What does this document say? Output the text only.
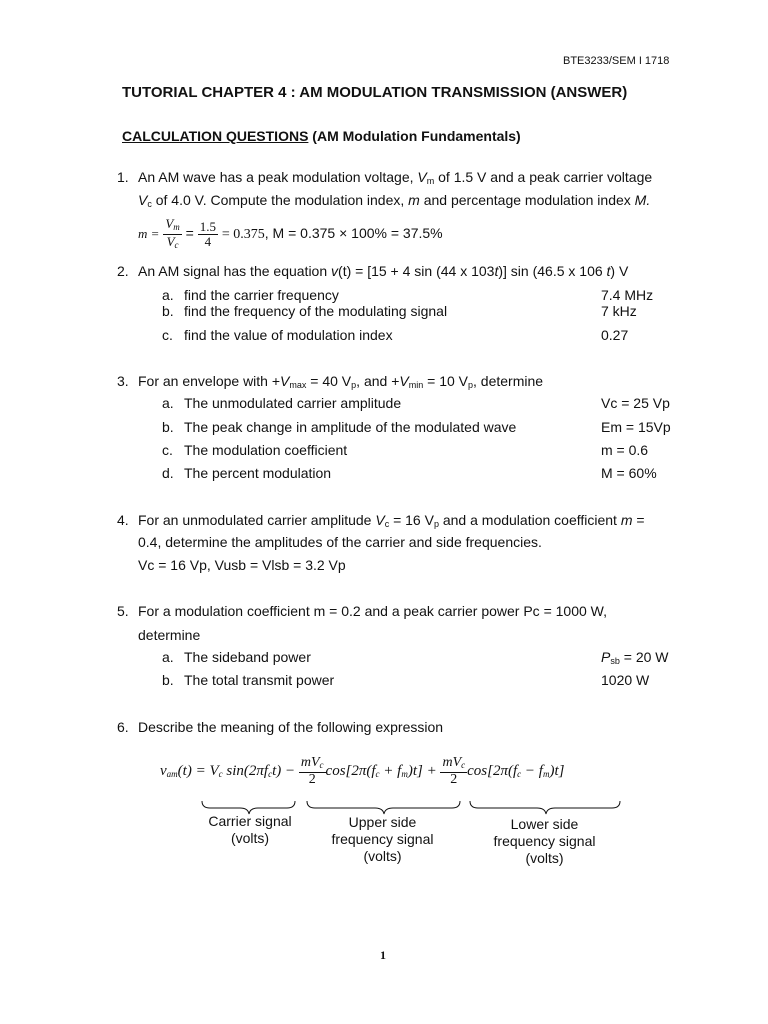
BTE3233/SEM I 1718
TUTORIAL CHAPTER 4 : AM MODULATION TRANSMISSION (ANSWER)
CALCULATION QUESTIONS (AM Modulation Fundamentals)
1. An AM wave has a peak modulation voltage, $V_m$ of 1.5 V and a peak carrier voltage
$V_c$ of 4.0 V. Compute the modulation index, m and percentage modulation index M.
$m = \frac{V_m}{V_c} = \frac{1.5}{4} = 0.375$, M = 0.375 × 100% = 37.5%
2. An AM signal has the equation v(t) = [15 + 4 sin (44 x 103t)] sin (46.5 x 106 t) V
a. find the carrier frequency	7.4 MHz
b. find the frequency of the modulating signal	7 kHz
c. find the value of modulation index	0.27
3. For an envelope with $+V_{max} = 40$ $V_p$, and $+V_{min} = 10$ $V_p$, determine
a. The unmodulated carrier amplitude	Vc = 25 Vp
b. The peak change in amplitude of the modulated wave	Em = 15Vp
c. The modulation coefficient	m = 0.6
d. The percent modulation	M = 60%
4. For an unmodulated carrier amplitude $V_c = 16$ $V_p$ and a modulation coefficient m =
0.4, determine the amplitudes of the carrier and side frequencies.
Vc = 16 Vp, Vusb = Vlsb = 3.2 Vp
5. For a modulation coefficient m = 0.2 and a peak carrier power Pc = 1000 W,
determine
a. The sideband power	$P_{sb} = 20$ W
b. The total transmit power	1020 W
6. Describe the meaning of the following expression
$v_{am}(t) = V_c$ $\sin(2\pi f_ct) - \frac{mV_c}{2} \cos[2\pi(f_c + f_m)t] + \frac{mV_c}{2} \cos[2\pi(f_c - f_m)t]$
Carrier signal
(volts)
Upper side
frequency signal
(volts)
Lower side
frequency signal
(volts)
1
